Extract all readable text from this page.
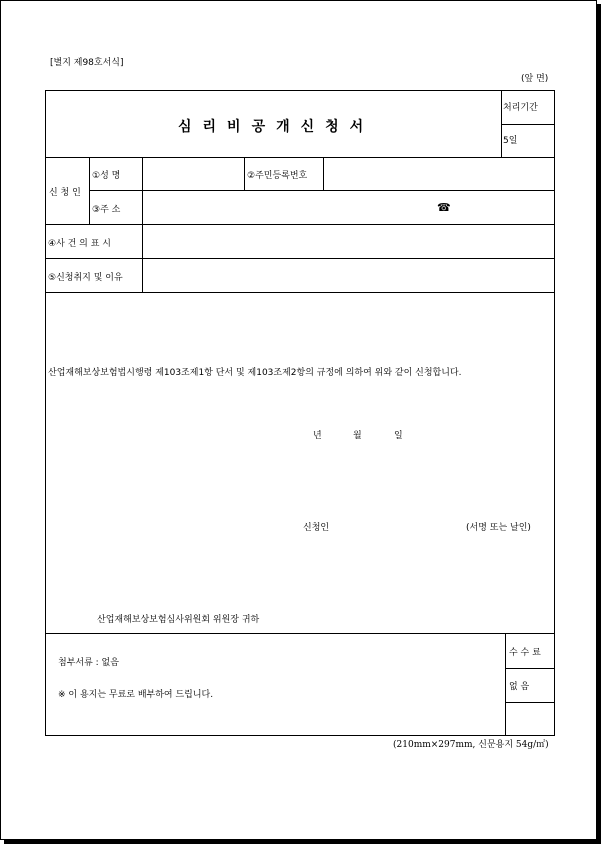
[별지 제98호서식]
(앞 면)
심리비공개신청서
처리기간
5일
신 청 인
①성 명	②주민등록번호
③주 소	☎
④사 건 의 표 시
⑤신청취지 및 이유
산업재해보상보험법시행령 제103조제1항 단서 및 제103조제2항의 규정에 의하여 위와 같이 신청합니다.
년	월	일
신청인	(서명 또는 날인)
산업재해보상보험심사위원회 위원장 귀하
첨부서류 : 없음
※ 이 용지는 무료로 배부하여 드립니다.
수 수 료
없 음
(210mm×297mm, 신문용지 54g/㎡)
